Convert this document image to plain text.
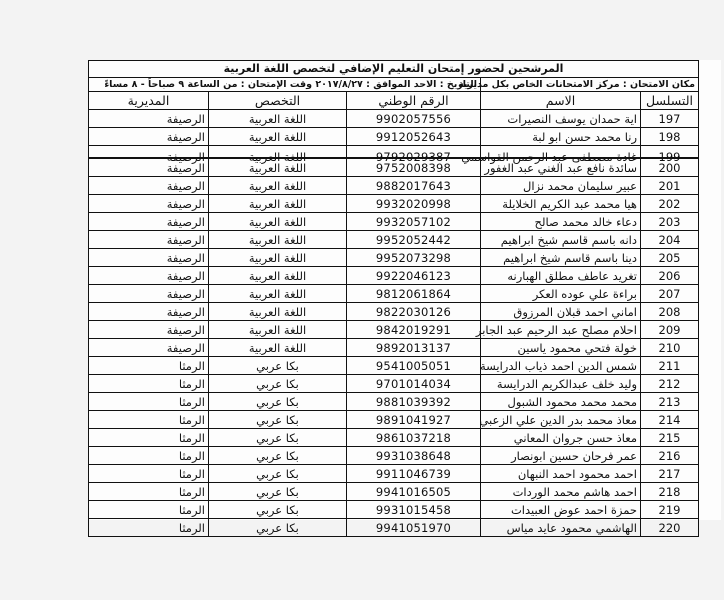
المرشحين لحضور إمتحان التعليم الإضافي لتخصص اللغة العربية				
مكان الامتحان : مركز الامتحانات الخاص بكل مديرية		التاريخ : الاحد الموافق : ٢٠١٧/٨/٢٧ وقت الإمتحان : من الساعة ٩ صباحاً - ٨ مساءً		
التسلسل	الاسم	الرقم الوطني	التخصص	المديرية
197	اية حمدان يوسف النصيرات	9902057556	اللغة العربية	الرصيفة
198	رنا محمد حسن ابو لبة	9912052643	اللغة العربية	الرصيفة

199	غادة مصطفى عبد الرحمن القواسمي	9792029387	اللغة العربية	الرصيفة

200	سائدة نافع عبد الغني عبد الغفور	9752008398	اللغة العربية	الرصيفة
201	عبير سليمان محمد نزال	9882017643	اللغة العربية	الرصيفة
202	هيا محمد عبد الكريم الخلايلة	9932020998	اللغة العربية	الرصيفة
203	دعاء خالد محمد صالح	9932057102	اللغة العربية	الرصيفة
204	دانه باسم قاسم شيخ ابراهيم	9952052442	اللغة العربية	الرصيفة
205	دينا باسم قاسم شيخ ابراهيم	9952073298	اللغة العربية	الرصيفة
206	تغريد عاطف مطلق الهبارنه	9922046123	اللغة العربية	الرصيفة
207	براءة علي عوده العكر	9812061864	اللغة العربية	الرصيفة
208	اماني احمد قبلان المرزوق	9822030126	اللغة العربية	الرصيفة
209	احلام مصلح عبد الرحيم عبد الجابر	9842019291	اللغة العربية	الرصيفة
210	خولة فتحي محمود ياسين	9892013137	اللغة العربية	الرصيفة
211	شمس الدين احمد ذياب الدرايسة	9541005051	بكا عربي	الرمثا
212	وليد خلف عبدالكريم الدرايسة	9701014034	بكا عربي	الرمثا
213	محمد محمد محمود الشبول	9881039392	بكا عربي	الرمثا
214	معاذ محمد بدر الدين علي الزعبي	9891041927	بكا عربي	الرمثا
215	معاذ حسن جروان المعاني	9861037218	بكا عربي	الرمثا
216	عمر فرحان حسين ابونصار	9931038648	بكا عربي	الرمثا
217	احمد محمود احمد النبهان	9911046739	بكا عربي	الرمثا
218	احمد هاشم محمد الوردات	9941016505	بكا عربي	الرمثا
219	حمزة احمد عوض العبيدات	9931015458	بكا عربي	الرمثا
220	الهاشمي محمود عايد مياس	9941051970	بكا عربي	الرمثا
